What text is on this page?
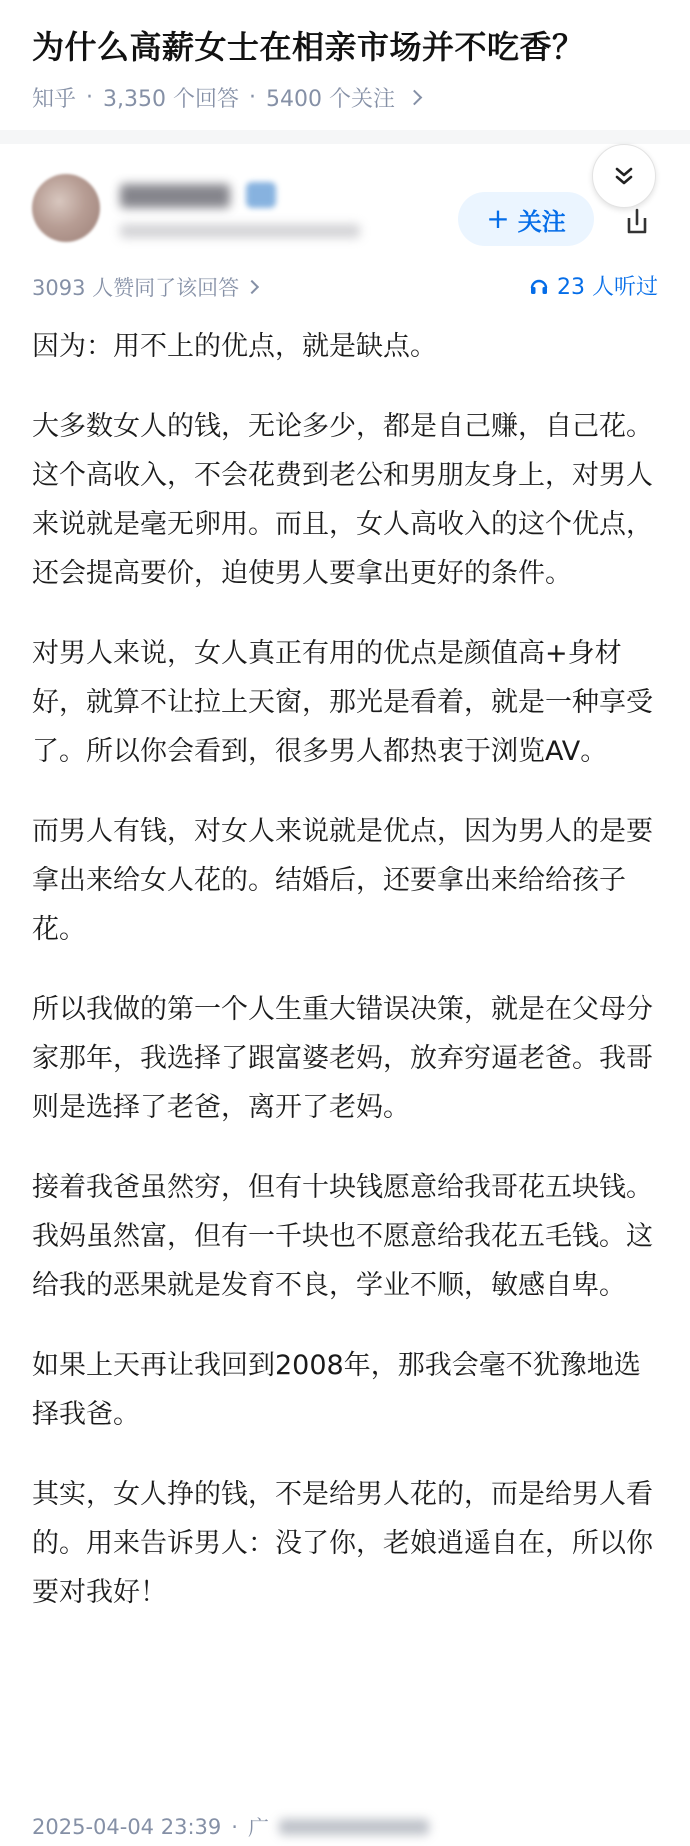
为什么高薪女士在相亲市场并不吃香？
知乎 · 3,350 个回答 · 5400 个关注
+ 关注
3093 人赞同了该回答	23 人听过

因为：用不上的优点，就是缺点。

大多数女人的钱，无论多少，都是自己赚，自己花。这个高收入，不会花费到老公和男朋友身上，对男人来说就是毫无卵用。而且，女人高收入的这个优点，还会提高要价，迫使男人要拿出更好的条件。

对男人来说，女人真正有用的优点是颜值高+身材好，就算不让拉上天窗，那光是看着，就是一种享受了。所以你会看到，很多男人都热衷于浏览AV。

而男人有钱，对女人来说就是优点，因为男人的是要拿出来给女人花的。结婚后，还要拿出来给给孩子花。

所以我做的第一个人生重大错误决策，就是在父母分家那年，我选择了跟富婆老妈，放弃穷逼老爸。我哥则是选择了老爸，离开了老妈。

接着我爸虽然穷，但有十块钱愿意给我哥花五块钱。我妈虽然富，但有一千块也不愿意给我花五毛钱。这给我的恶果就是发育不良，学业不顺，敏感自卑。

如果上天再让我回到2008年，那我会毫不犹豫地选择我爸。

其实，女人挣的钱，不是给男人花的，而是给男人看的。用来告诉男人：没了你，老娘逍遥自在，所以你要对我好！

2025-04-04 23:39 · 广
